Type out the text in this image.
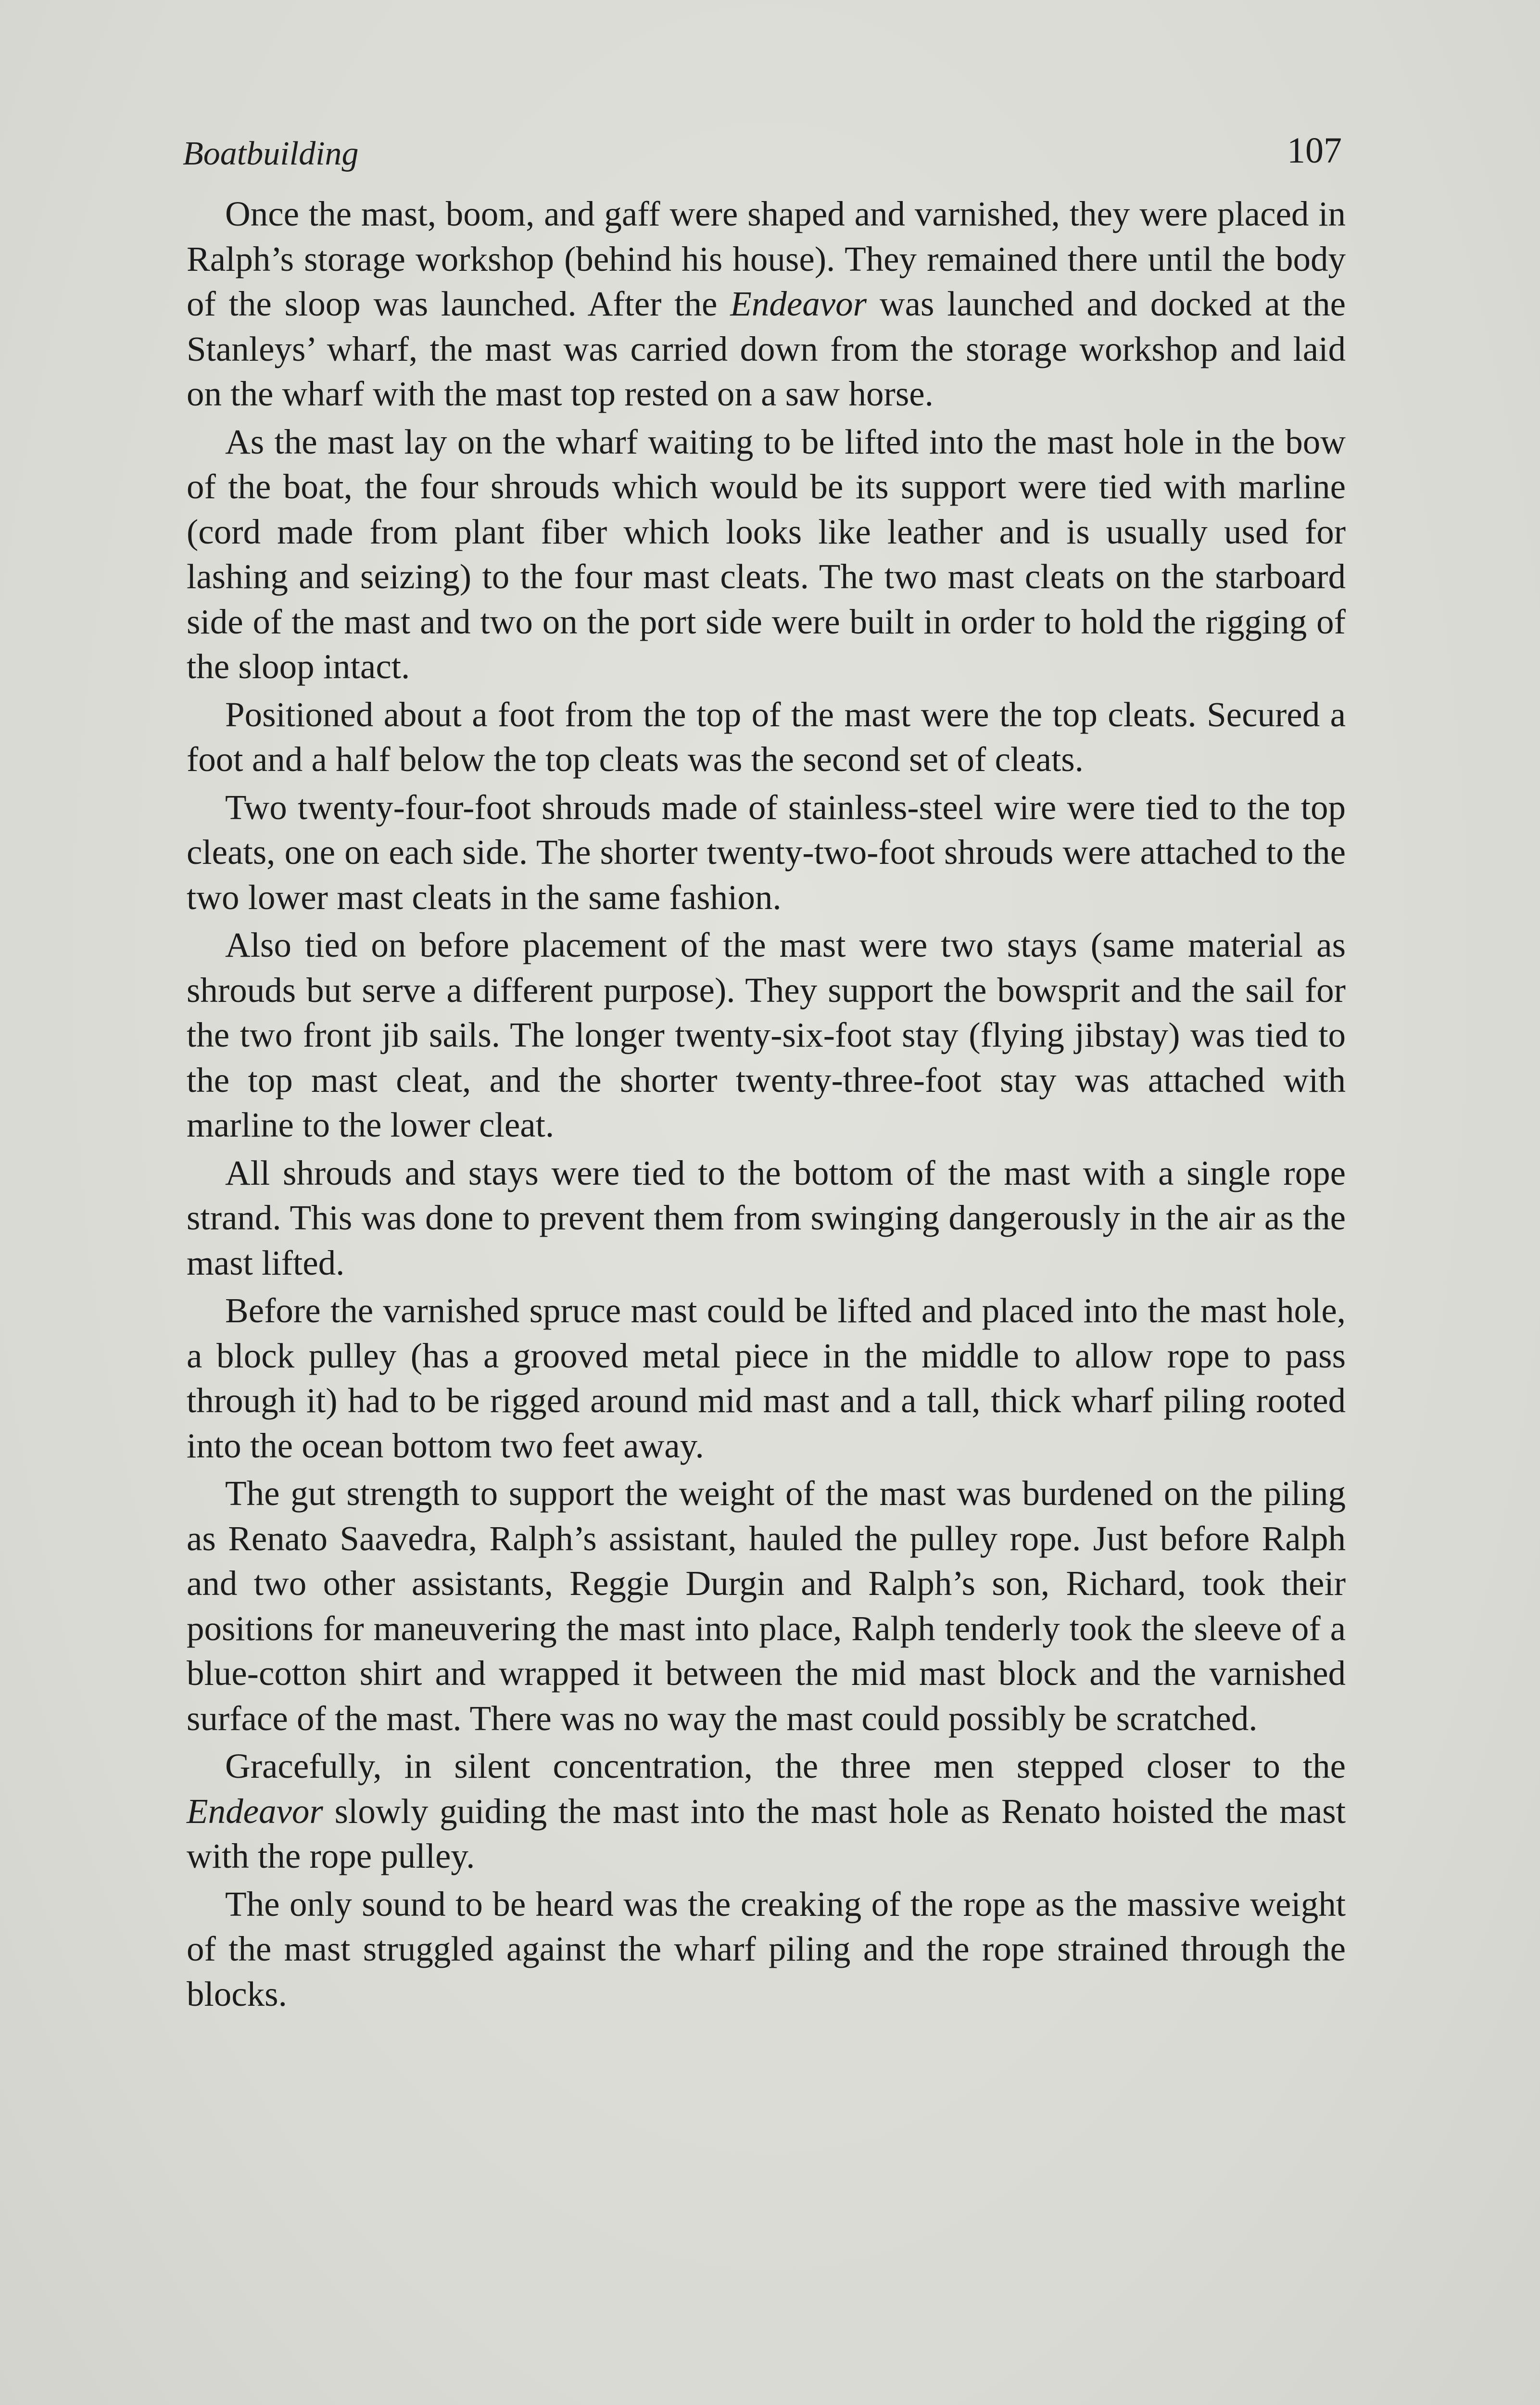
Boatbuilding	107

Once the mast, boom, and gaff were shaped and varnished, they were placed in Ralph’s storage workshop (behind his house). They remained there until the body of the sloop was launched. After the Endeavor was launched and docked at the Stanleys’ wharf, the mast was carried down from the storage workshop and laid on the wharf with the mast top rested on a saw horse.

As the mast lay on the wharf waiting to be lifted into the mast hole in the bow of the boat, the four shrouds which would be its support were tied with marline (cord made from plant fiber which looks like leather and is usually used for lashing and seizing) to the four mast cleats. The two mast cleats on the starboard side of the mast and two on the port side were built in order to hold the rigging of the sloop intact.

Positioned about a foot from the top of the mast were the top cleats. Secured a foot and a half below the top cleats was the second set of cleats.

Two twenty-four-foot shrouds made of stainless-steel wire were tied to the top cleats, one on each side. The shorter twenty-two-foot shrouds were attached to the two lower mast cleats in the same fashion.

Also tied on before placement of the mast were two stays (same material as shrouds but serve a different purpose). They support the bowsprit and the sail for the two front jib sails. The longer twenty-six-foot stay (flying jibstay) was tied to the top mast cleat, and the shorter twenty-three-foot stay was attached with marline to the lower cleat.

All shrouds and stays were tied to the bottom of the mast with a single rope strand. This was done to prevent them from swinging dangerously in the air as the mast lifted.

Before the varnished spruce mast could be lifted and placed into the mast hole, a block pulley (has a grooved metal piece in the middle to allow rope to pass through it) had to be rigged around mid mast and a tall, thick wharf piling rooted into the ocean bottom two feet away.

The gut strength to support the weight of the mast was burdened on the piling as Renato Saavedra, Ralph’s assistant, hauled the pulley rope. Just before Ralph and two other assistants, Reggie Durgin and Ralph’s son, Richard, took their positions for maneuvering the mast into place, Ralph tenderly took the sleeve of a blue-cotton shirt and wrapped it between the mid mast block and the varnished surface of the mast. There was no way the mast could possibly be scratched.

Gracefully, in silent concentration, the three men stepped closer to the Endeavor slowly guiding the mast into the mast hole as Renato hoisted the mast with the rope pulley.

The only sound to be heard was the creaking of the rope as the massive weight of the mast struggled against the wharf piling and the rope strained through the blocks.
